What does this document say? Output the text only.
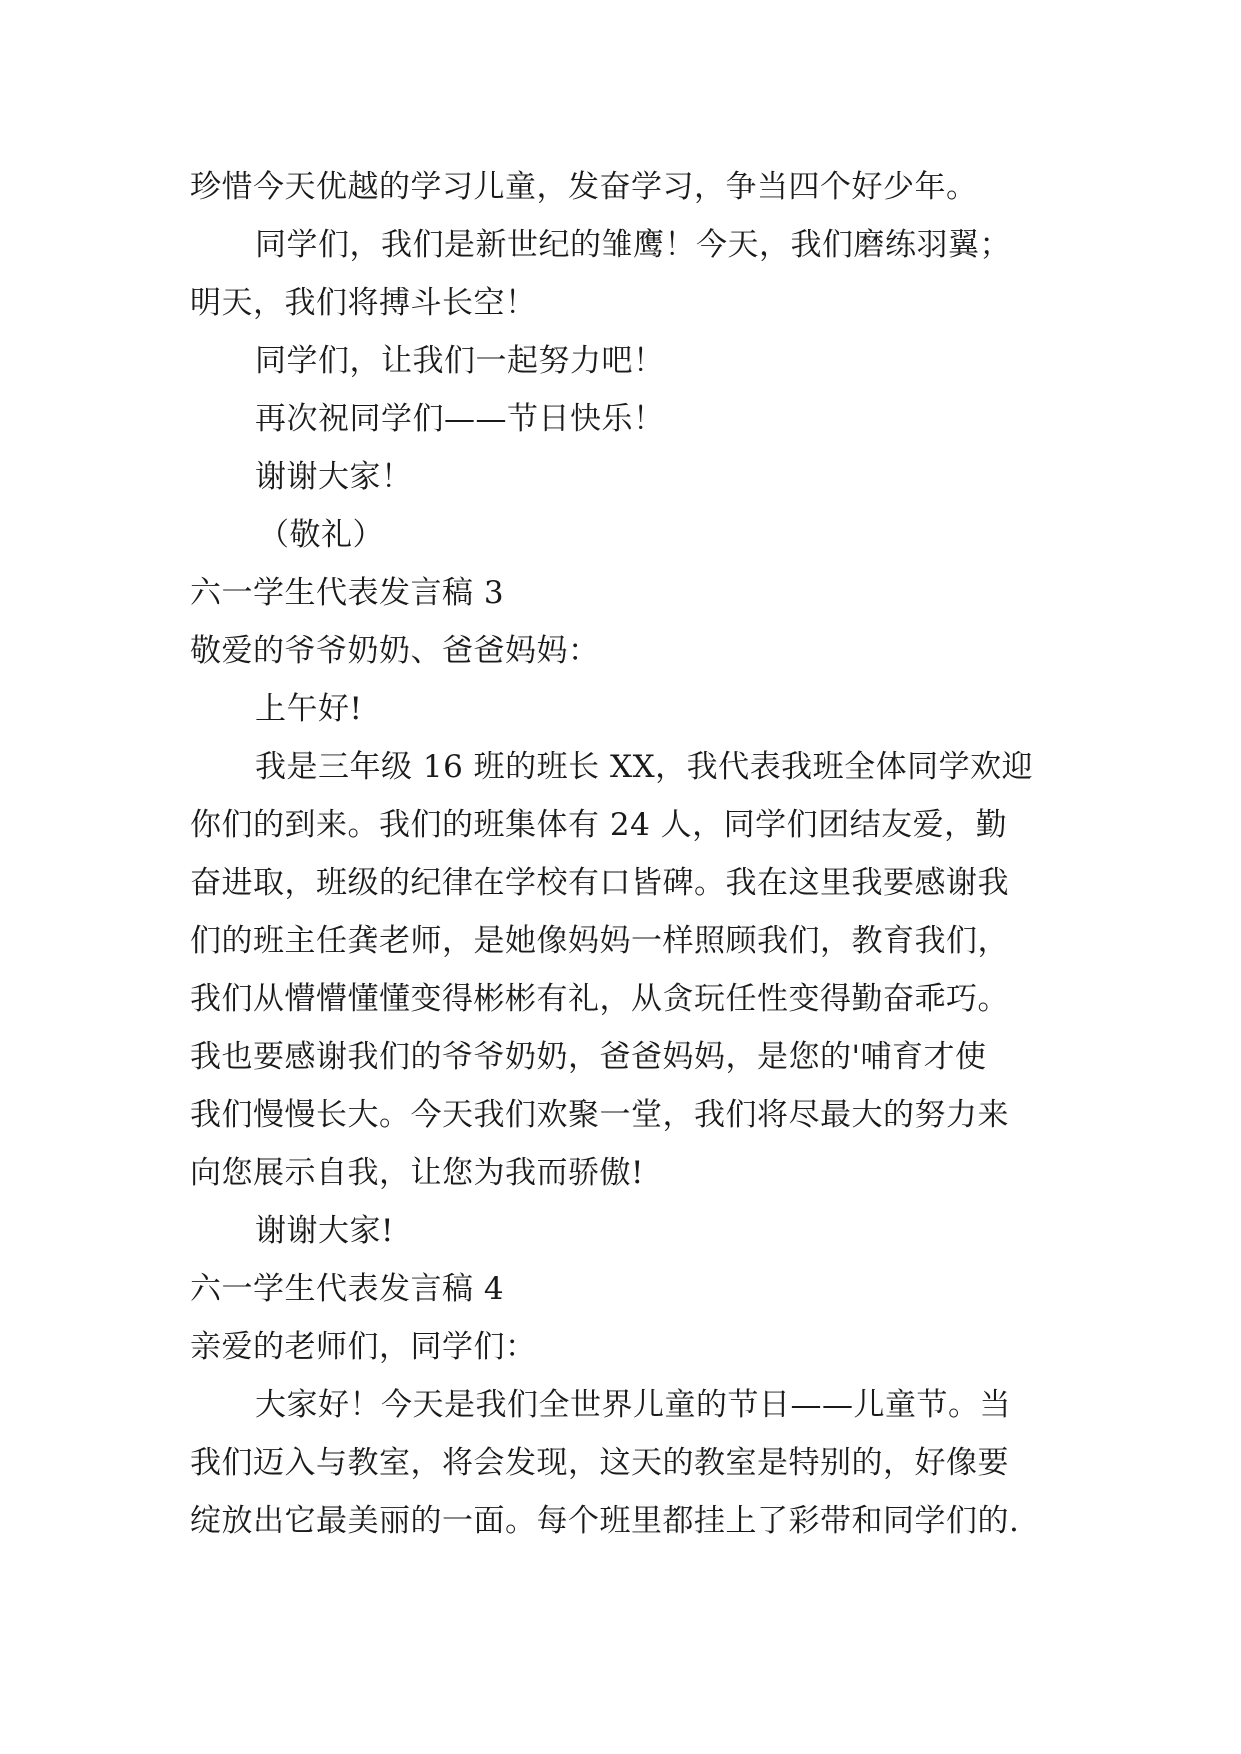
珍惜今天优越的学习儿童，发奋学习，争当四个好少年。

同学们，我们是新世纪的雏鹰！今天，我们磨练羽翼；

明天，我们将搏斗长空！

同学们，让我们一起努力吧！

再次祝同学们——节日快乐！

谢谢大家！

（敬礼）

六一学生代表发言稿 3

敬爱的爷爷奶奶、爸爸妈妈：

上午好!

我是三年级 16 班的班长 XX，我代表我班全体同学欢迎

你们的到来。我们的班集体有 24 人，同学们团结友爱，勤

奋进取，班级的纪律在学校有口皆碑。我在这里我要感谢我

们的班主任龚老师，是她像妈妈一样照顾我们，教育我们，

我们从懵懵懂懂变得彬彬有礼，从贪玩任性变得勤奋乖巧。

我也要感谢我们的爷爷奶奶，爸爸妈妈，是您的'哺育才使

我们慢慢长大。今天我们欢聚一堂，我们将尽最大的努力来

向您展示自我，让您为我而骄傲!

谢谢大家!

六一学生代表发言稿 4

亲爱的老师们，同学们：

大家好！今天是我们全世界儿童的节日——儿童节。当

我们迈入与教室，将会发现，这天的教室是特别的，好像要

绽放出它最美丽的一面。每个班里都挂上了彩带和同学们的.
